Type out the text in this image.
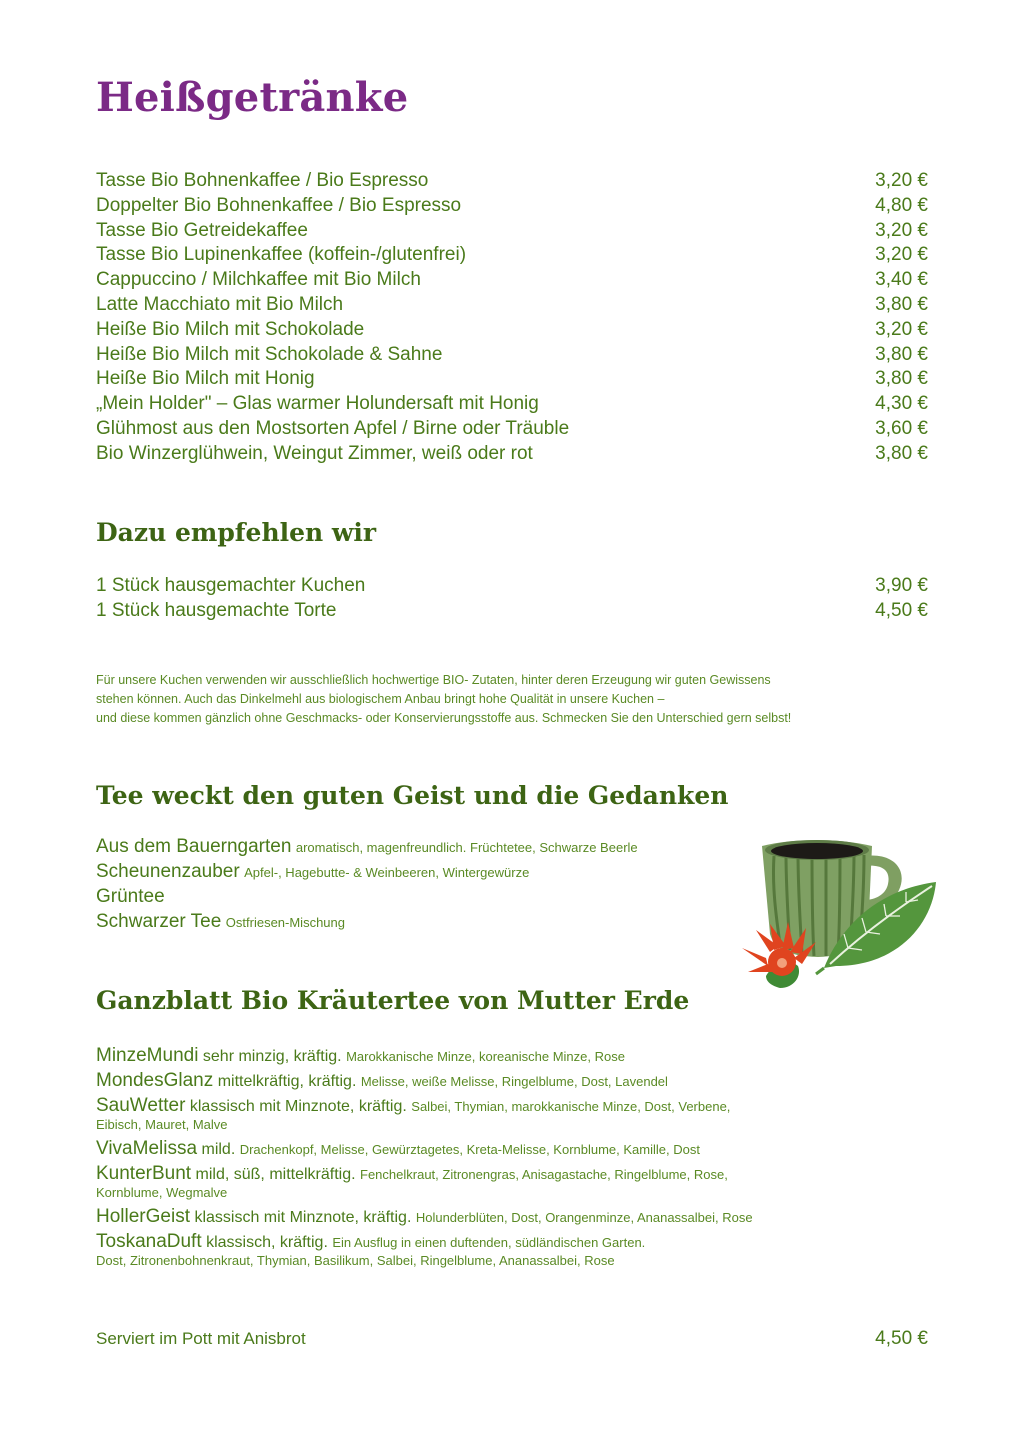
Heißgetränke
Tasse Bio Bohnenkaffee / Bio Espresso	3,20 €
Doppelter Bio Bohnenkaffee / Bio Espresso	4,80 €
Tasse Bio Getreidekaffee	3,20 €
Tasse Bio Lupinenkaffee (koffein-/glutenfrei)	3,20 €
Cappuccino / Milchkaffee mit Bio Milch	3,40 €
Latte Macchiato mit Bio Milch	3,80 €
Heiße Bio Milch mit Schokolade	3,20 €
Heiße Bio Milch mit Schokolade & Sahne	3,80 €
Heiße Bio Milch mit Honig	3,80 €
„Mein Holder" – Glas warmer Holundersaft mit Honig	4,30 €
Glühmost aus den Mostsorten Apfel / Birne oder Träuble	3,60 €
Bio Winzerglühwein, Weingut Zimmer, weiß oder rot	3,80 €
Dazu empfehlen wir
1 Stück hausgemachter Kuchen	3,90 €
1 Stück hausgemachte Torte	4,50 €

Für unsere Kuchen verwenden wir ausschließlich hochwertige BIO- Zutaten, hinter deren Erzeugung wir guten Gewissens

stehen können. Auch das Dinkelmehl aus biologischem Anbau bringt hohe Qualität in unsere Kuchen –

und diese kommen gänzlich ohne Geschmacks- oder Konservierungsstoffe aus. Schmecken Sie den Unterschied gern selbst!

Tee weckt den guten Geist und die Gedanken
Aus dem Bauerngarten aromatisch, magenfreundlich. Früchtetee, Schwarze Beerle
Scheunenzauber Apfel-, Hagebutte- & Weinbeeren, Wintergewürze
Grüntee
Schwarzer Tee Ostfriesen-Mischung
Ganzblatt Bio Kräutertee von Mutter Erde
MinzeMundi sehr minzig, kräftig. Marokkanische Minze, koreanische Minze, Rose
MondesGlanz mittelkräftig, kräftig. Melisse, weiße Melisse, Ringelblume, Dost, Lavendel
SauWetter klassisch mit Minznote, kräftig. Salbei, Thymian, marokkanische Minze, Dost, Verbene,
Eibisch, Mauret, Malve
VivaMelissa mild. Drachenkopf, Melisse, Gewürztagetes, Kreta-Melisse, Kornblume, Kamille, Dost
KunterBunt mild, süß, mittelkräftig. Fenchelkraut, Zitronengras, Anisagastache, Ringelblume, Rose,
Kornblume, Wegmalve
HollerGeist klassisch mit Minznote, kräftig. Holunderblüten, Dost, Orangenminze, Ananassalbei, Rose
ToskanaDuft klassisch, kräftig. Ein Ausflug in einen duftenden, südländischen Garten.
Dost, Zitronenbohnenkraut, Thymian, Basilikum, Salbei, Ringelblume, Ananassalbei, Rose
Serviert im Pott mit Anisbrot	4,50 €
